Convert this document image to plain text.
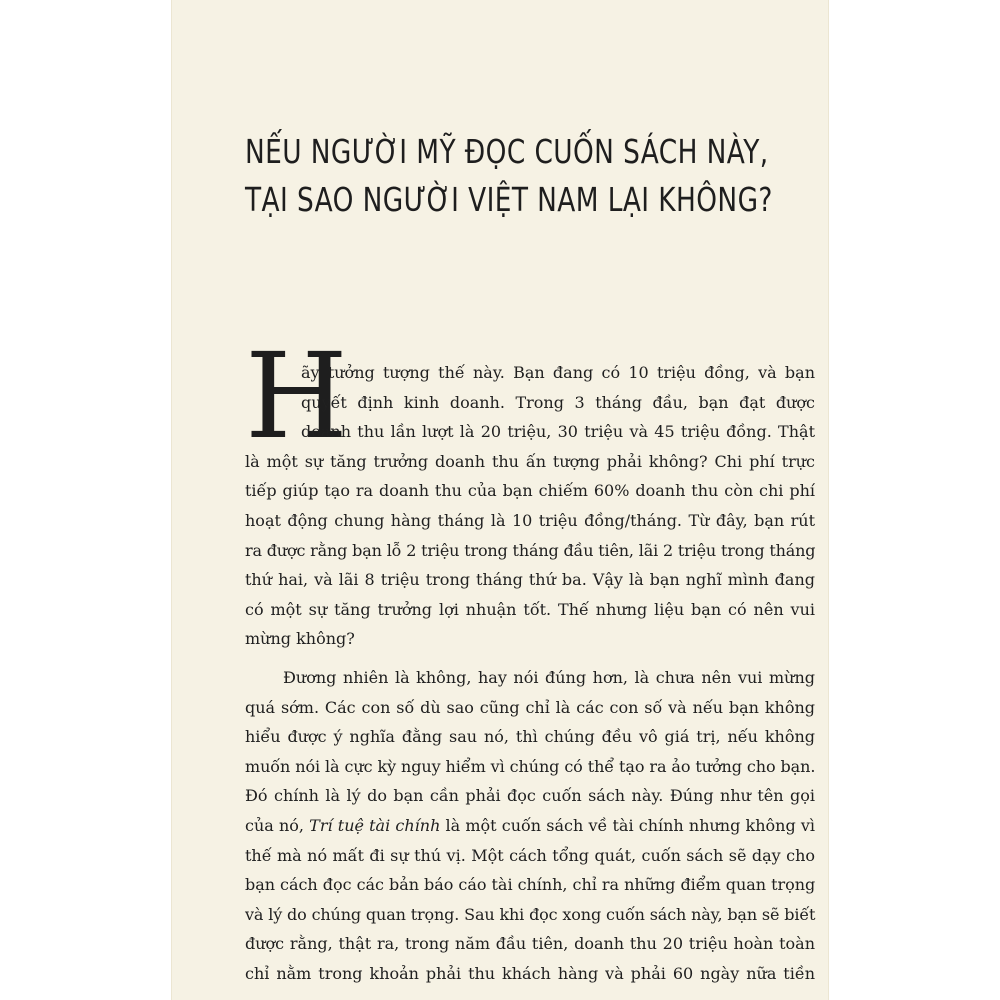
NẾU NGƯỜI MỸ ĐỌC CUỐN SÁCH NÀY,
TẠI SAO NGƯỜI VIỆT NAM LẠI KHÔNG?
H
ãy tưởng tượng thế này. Bạn đang có 10 triệu đồng, và bạn
quyết định kinh doanh. Trong 3 tháng đầu, bạn đạt được
doanh thu lần lượt là 20 triệu, 30 triệu và 45 triệu đồng. Thật
là một sự tăng trưởng doanh thu ấn tượng phải không? Chi phí trực
tiếp giúp tạo ra doanh thu của bạn chiếm 60% doanh thu còn chi phí
hoạt động chung hàng tháng là 10 triệu đồng/tháng. Từ đây, bạn rút
ra được rằng bạn lỗ 2 triệu trong tháng đầu tiên, lãi 2 triệu trong tháng
thứ hai, và lãi 8 triệu trong tháng thứ ba. Vậy là bạn nghĩ mình đang
có một sự tăng trưởng lợi nhuận tốt. Thế nhưng liệu bạn có nên vui
mừng không?
Đương nhiên là không, hay nói đúng hơn, là chưa nên vui mừng
quá sớm. Các con số dù sao cũng chỉ là các con số và nếu bạn không
hiểu được ý nghĩa đằng sau nó, thì chúng đều vô giá trị, nếu không
muốn nói là cực kỳ nguy hiểm vì chúng có thể tạo ra ảo tưởng cho bạn.
Đó chính là lý do bạn cần phải đọc cuốn sách này. Đúng như tên gọi
của nó, Trí tuệ tài chính là một cuốn sách về tài chính nhưng không vì
thế mà nó mất đi sự thú vị. Một cách tổng quát, cuốn sách sẽ dạy cho
bạn cách đọc các bản báo cáo tài chính, chỉ ra những điểm quan trọng
và lý do chúng quan trọng. Sau khi đọc xong cuốn sách này, bạn sẽ biết
được rằng, thật ra, trong năm đầu tiên, doanh thu 20 triệu hoàn toàn
chỉ nằm trong khoản phải thu khách hàng và phải 60 ngày nữa tiền
